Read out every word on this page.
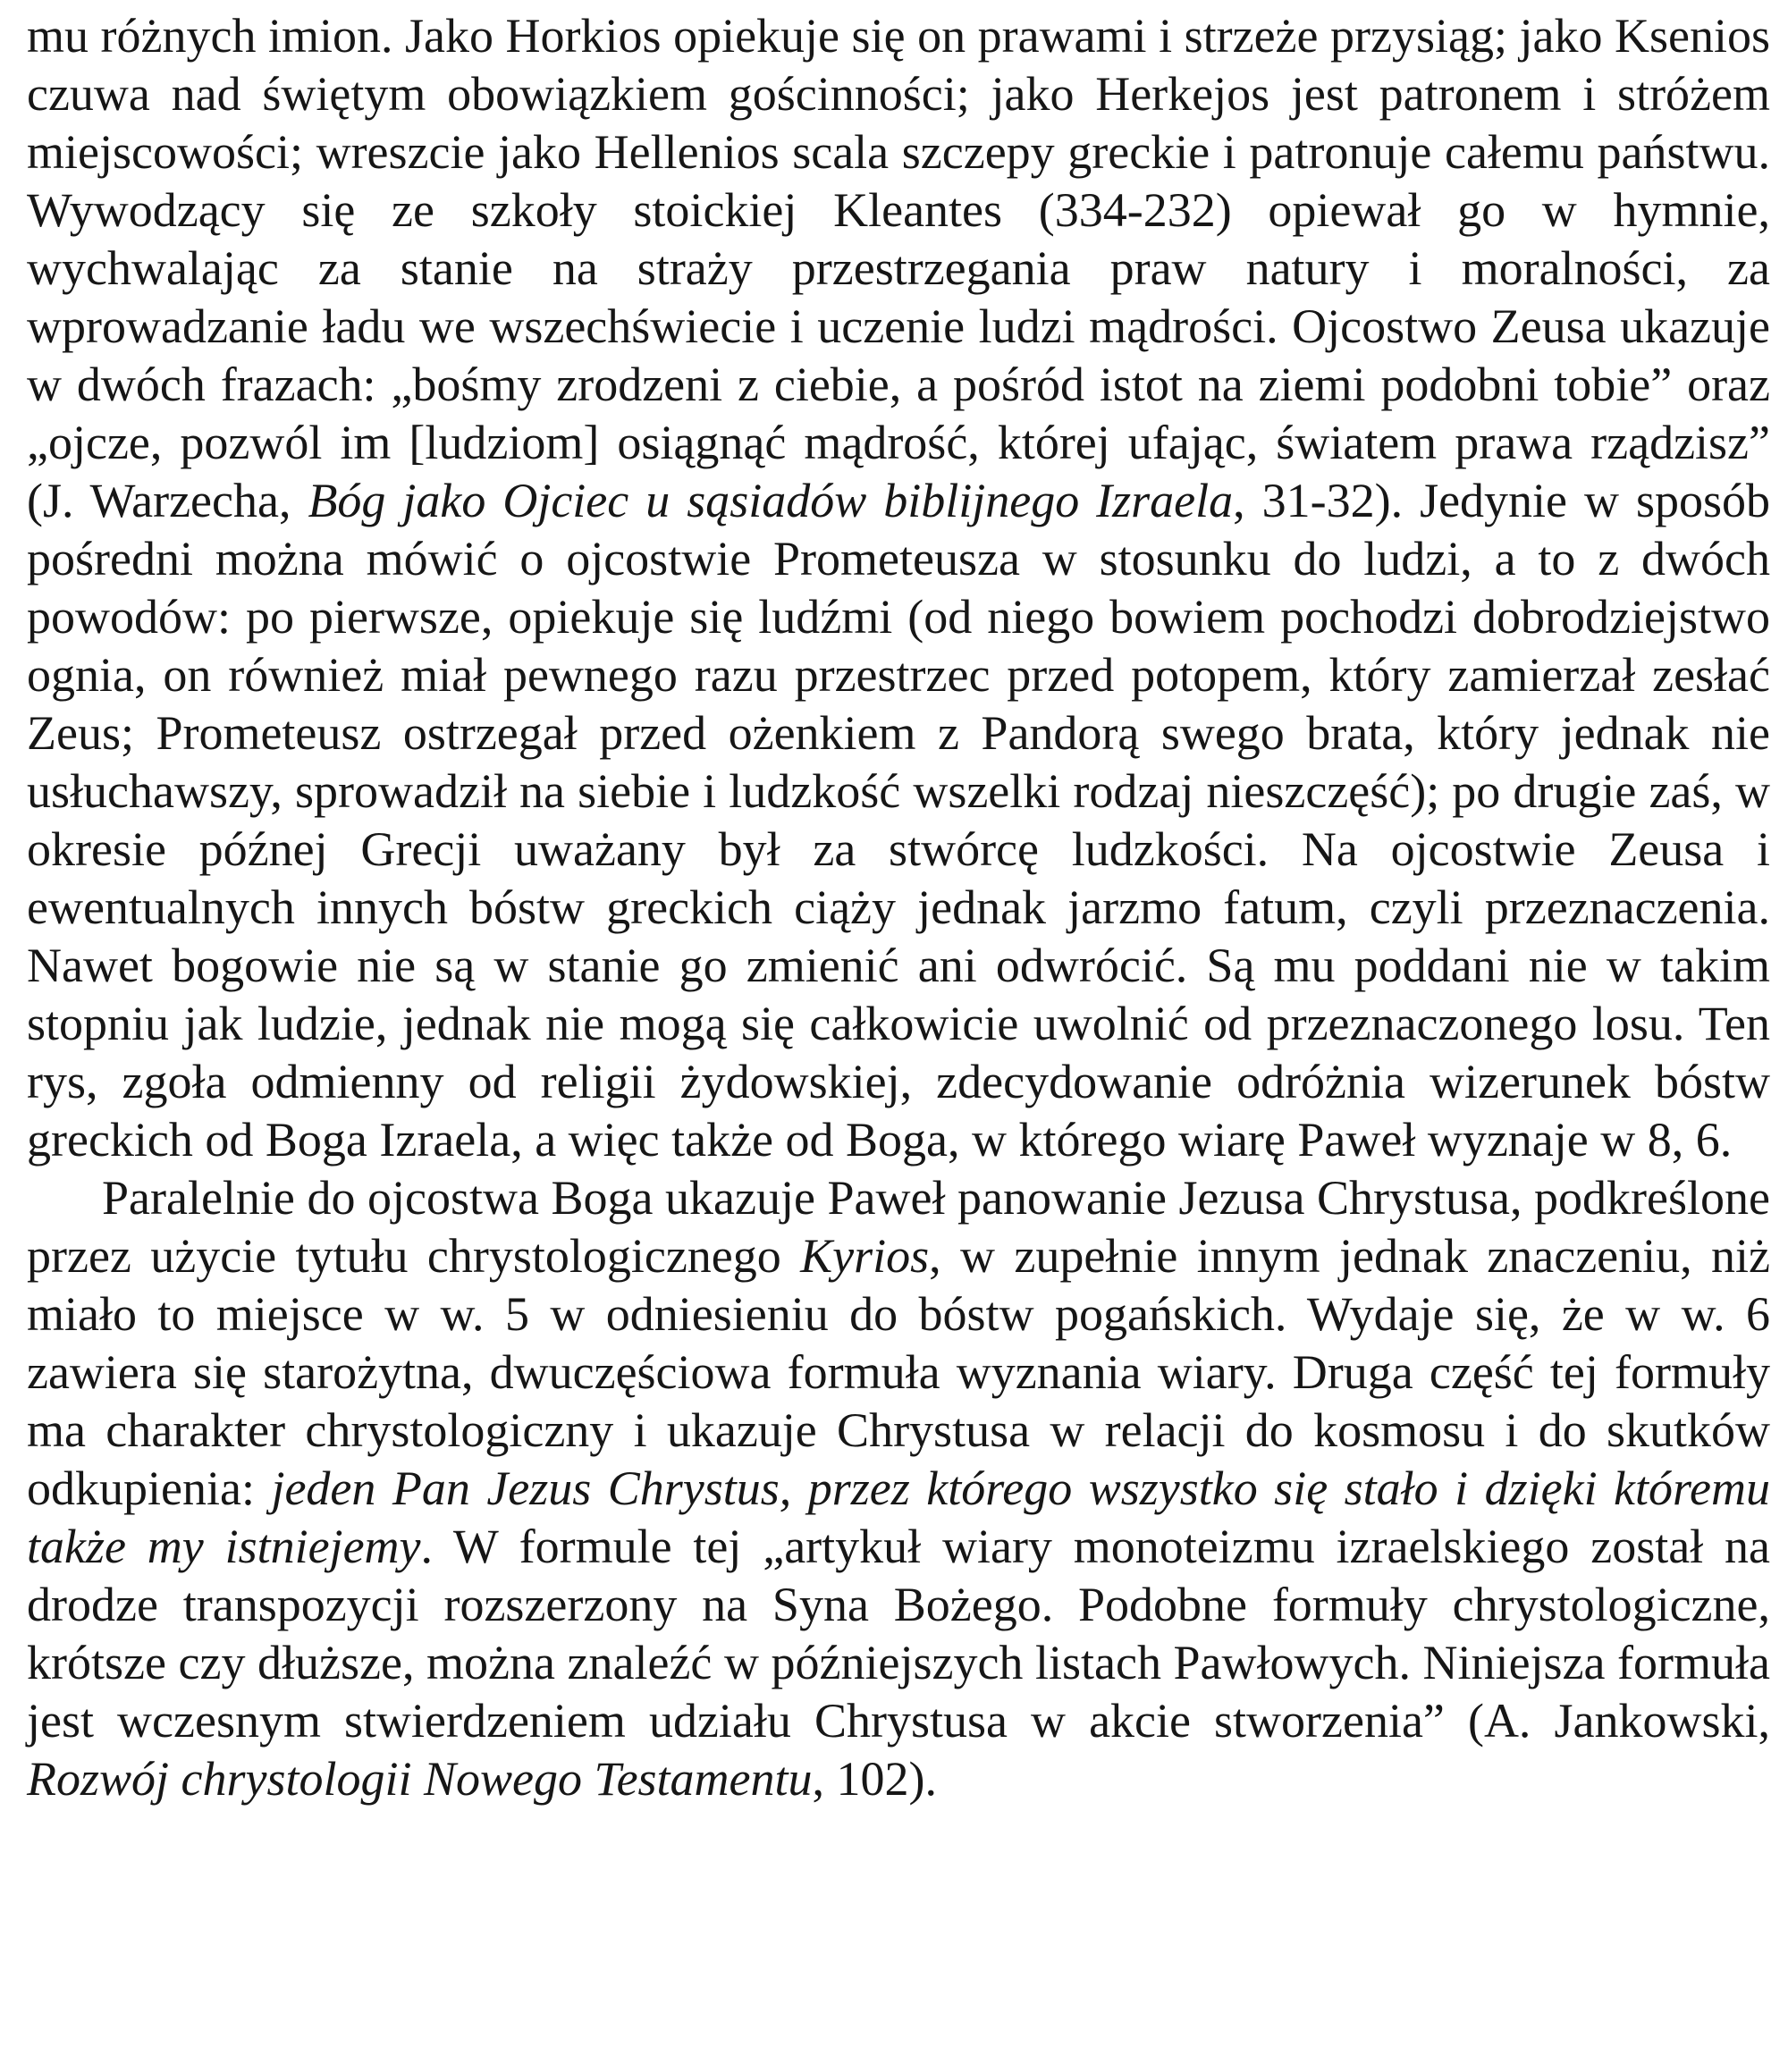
mu różnych imion. Jako Horkios opiekuje się on prawami i strzeże przysiąg; jako Ksenios czuwa nad świętym obowiązkiem gościnności; jako Herkejos jest patronem i stróżem miejscowości; wreszcie jako Hellenios scala szczepy greckie i patronuje całemu państwu. Wywodzący się ze szkoły stoickiej Kleantes (334-232) opiewał go w hymnie, wychwalając za stanie na straży przestrzegania praw natury i moralności, za wprowadzanie ładu we wszechświecie i uczenie ludzi mądrości. Ojcostwo Zeusa ukazuje w dwóch frazach: „bośmy zrodzeni z ciebie, a pośród istot na ziemi podobni tobie” oraz „ojcze, pozwól im [ludziom] osiągnąć mądrość, której ufając, światem prawa rządzisz” (J. Warzecha, Bóg jako Ojciec u sąsiadów biblijnego Izraela, 31-32). Jedynie w sposób pośredni można mówić o ojcostwie Prometeusza w stosunku do ludzi, a to z dwóch powodów: po pierwsze, opiekuje się ludźmi (od niego bowiem pochodzi dobrodziejstwo ognia, on również miał pewnego razu przestrzec przed potopem, który zamierzał zesłać Zeus; Prometeusz ostrzegał przed ożenkiem z Pandorą swego brata, który jednak nie usłuchawszy, sprowadził na siebie i ludzkość wszelki rodzaj nieszczęść); po drugie zaś, w okresie późnej Grecji uważany był za stwórcę ludzkości. Na ojcostwie Zeusa i ewentualnych innych bóstw greckich ciąży jednak jarzmo fatum, czyli przeznaczenia. Nawet bogowie nie są w stanie go zmienić ani odwrócić. Są mu poddani nie w takim stopniu jak ludzie, jednak nie mogą się całkowicie uwolnić od przeznaczonego losu. Ten rys, zgoła odmienny od religii żydowskiej, zdecydowanie odróżnia wizerunek bóstw greckich od Boga Izraela, a więc także od Boga, w którego wiarę Paweł wyznaje w 8, 6.

Paralelnie do ojcostwa Boga ukazuje Paweł panowanie Jezusa Chrystusa, podkreślone przez użycie tytułu chrystologicznego Kyrios, w zupełnie innym jednak znaczeniu, niż miało to miejsce w w. 5 w odniesieniu do bóstw pogańskich. Wydaje się, że w w. 6 zawiera się starożytna, dwuczęściowa formuła wyznania wiary. Druga część tej formuły ma charakter chrystologiczny i ukazuje Chrystusa w relacji do kosmosu i do skutków odkupienia: jeden Pan Jezus Chrystus, przez którego wszystko się stało i dzięki któremu także my istniejemy. W formule tej „artykuł wiary monoteizmu izraelskiego został na drodze transpozycji rozszerzony na Syna Bożego. Podobne formuły chrystologiczne, krótsze czy dłuższe, można znaleźć w późniejszych listach Pawłowych. Niniejsza formuła jest wczesnym stwierdzeniem udziału Chrystusa w akcie stworzenia” (A. Jankowski, Rozwój chrystologii Nowego Testamentu, 102).
